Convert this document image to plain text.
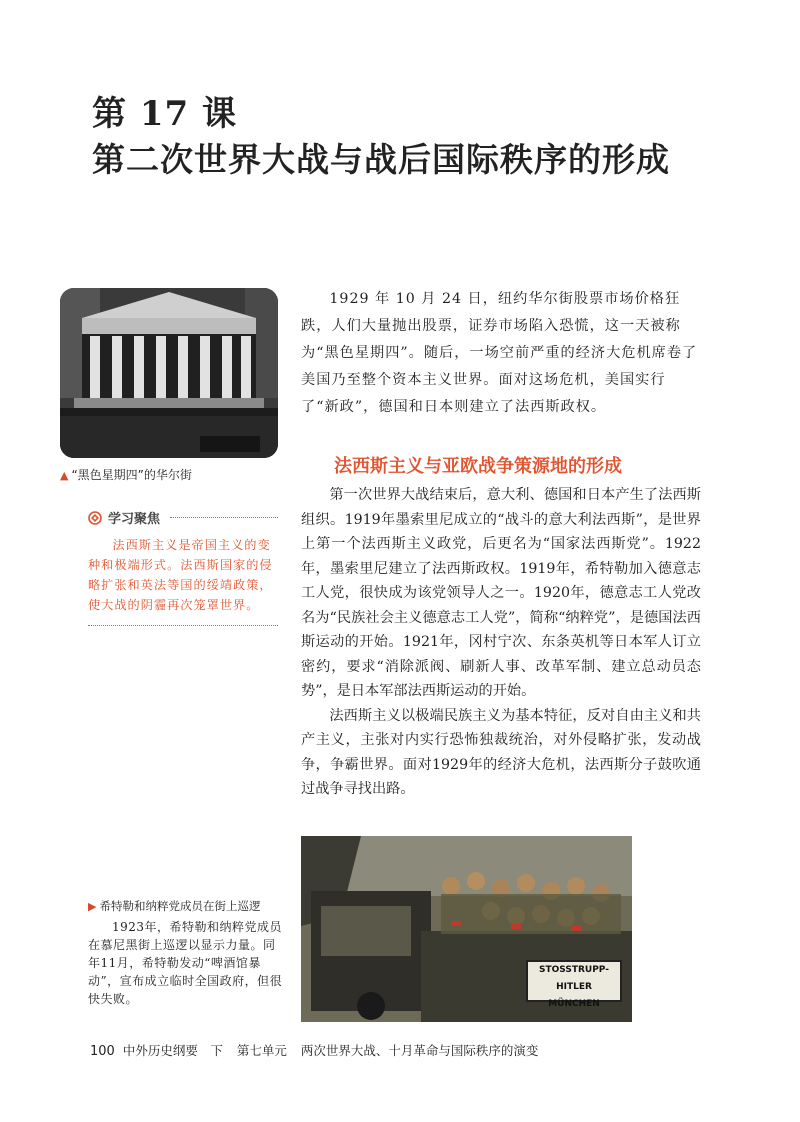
第 17 课
第二次世界大战与战后国际秩序的形成
▲ “黑色星期四”的华尔街

1929 年 10 月 24 日，纽约华尔街股票市场价格狂跌，人们大量抛出股票，证券市场陷入恐慌，这一天被称为“黑色星期四”。随后，一场空前严重的经济大危机席卷了美国乃至整个资本主义世界。面对这场危机，美国实行了“新政”，德国和日本则建立了法西斯政权。

法西斯主义与亚欧战争策源地的形成

第一次世界大战结束后，意大利、德国和日本产生了法西斯组织。1919年墨索里尼成立的“战斗的意大利法西斯”，是世界上第一个法西斯主义政党，后更名为“国家法西斯党”。1922年，墨索里尼建立了法西斯政权。1919年，希特勒加入德意志工人党，很快成为该党领导人之一。1920年，德意志工人党改名为“民族社会主义德意志工人党”，简称“纳粹党”，是德国法西斯运动的开始。1921年，冈村宁次、东条英机等日本军人订立密约，要求“消除派阀、刷新人事、改革军制、建立总动员态势”，是日本军部法西斯运动的开始。

法西斯主义以极端民族主义为基本特征，反对自由主义和共产主义，主张对内实行恐怖独裁统治，对外侵略扩张，发动战争，争霸世界。面对1929年的经济大危机，法西斯分子鼓吹通过战争寻找出路。

学习聚焦

法西斯主义是帝国主义的变种和极端形式。法西斯国家的侵略扩张和英法等国的绥靖政策，使大战的阴霾再次笼罩世界。

STOSSTRUPP-HITLER
MÜNCHEN
▶ 希特勒和纳粹党成员在街上巡逻

1923年，希特勒和纳粹党成员在慕尼黑街上巡逻以显示力量。同年11月，希特勒发动“啤酒馆暴动”，宣布成立临时全国政府，但很快失败。

100 中外历史纲要　下 第七单元 两次世界大战、十月革命与国际秩序的演变
